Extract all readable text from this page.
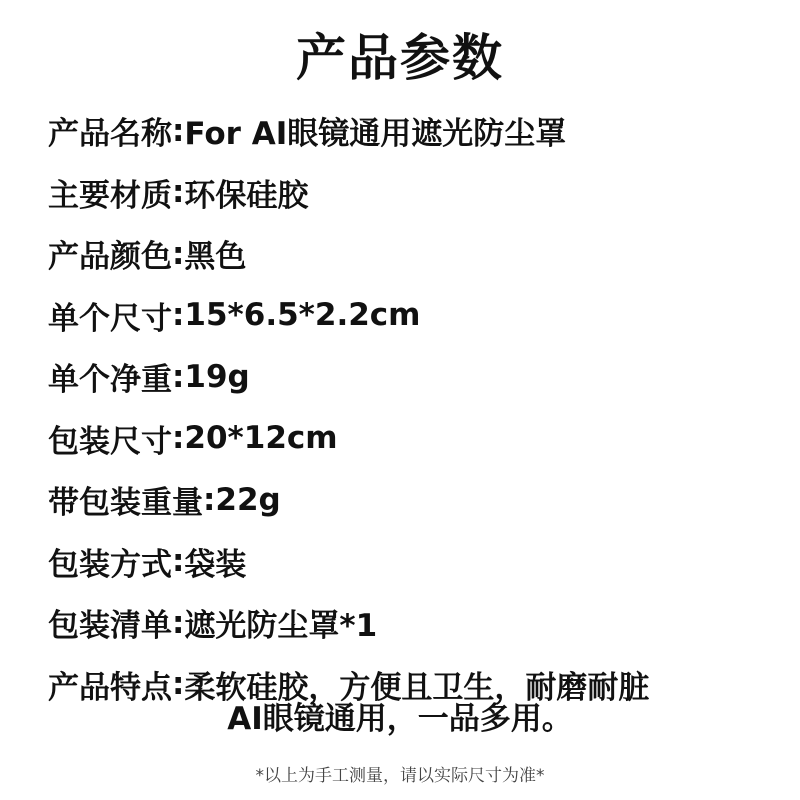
产品参数
产品名称 : For AI眼镜通用遮光防尘罩
主要材质 : 环保硅胶
产品颜色 : 黑色
单个尺寸 : 15*6.5*2.2cm
单个净重 : 19g
包装尺寸 : 20*12cm
带包装重量 : 22g
包装方式 : 袋装
包装清单 : 遮光防尘罩*1
产品特点 : 柔软硅胶，方便且卫生，耐磨耐脏
AI眼镜通用，一品多用。
*以上为手工测量，请以实际尺寸为准*
